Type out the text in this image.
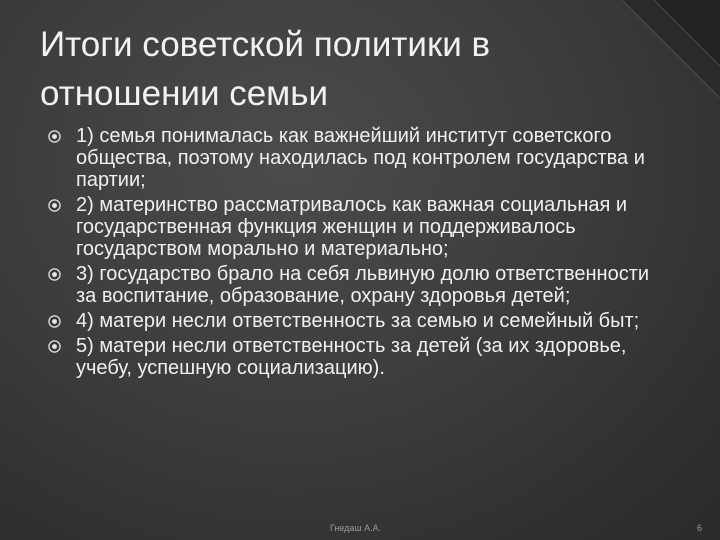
Итоги советской политики в отношении семьи
1) семья понималась как важнейший институт советского общества, поэтому находилась под контролем государства и партии;
2) материнство рассматривалось как важная социальная и государственная функция женщин и поддерживалось государством морально и материально;
3) государство брало на себя львиную долю ответственности за воспитание, образование, охрану здоровья детей;
4) матери несли ответственность за семью и семейный быт;
5) матери несли ответственность за детей (за их здоровье, учебу, успешную социализацию).
Гнедаш А.А.	6
